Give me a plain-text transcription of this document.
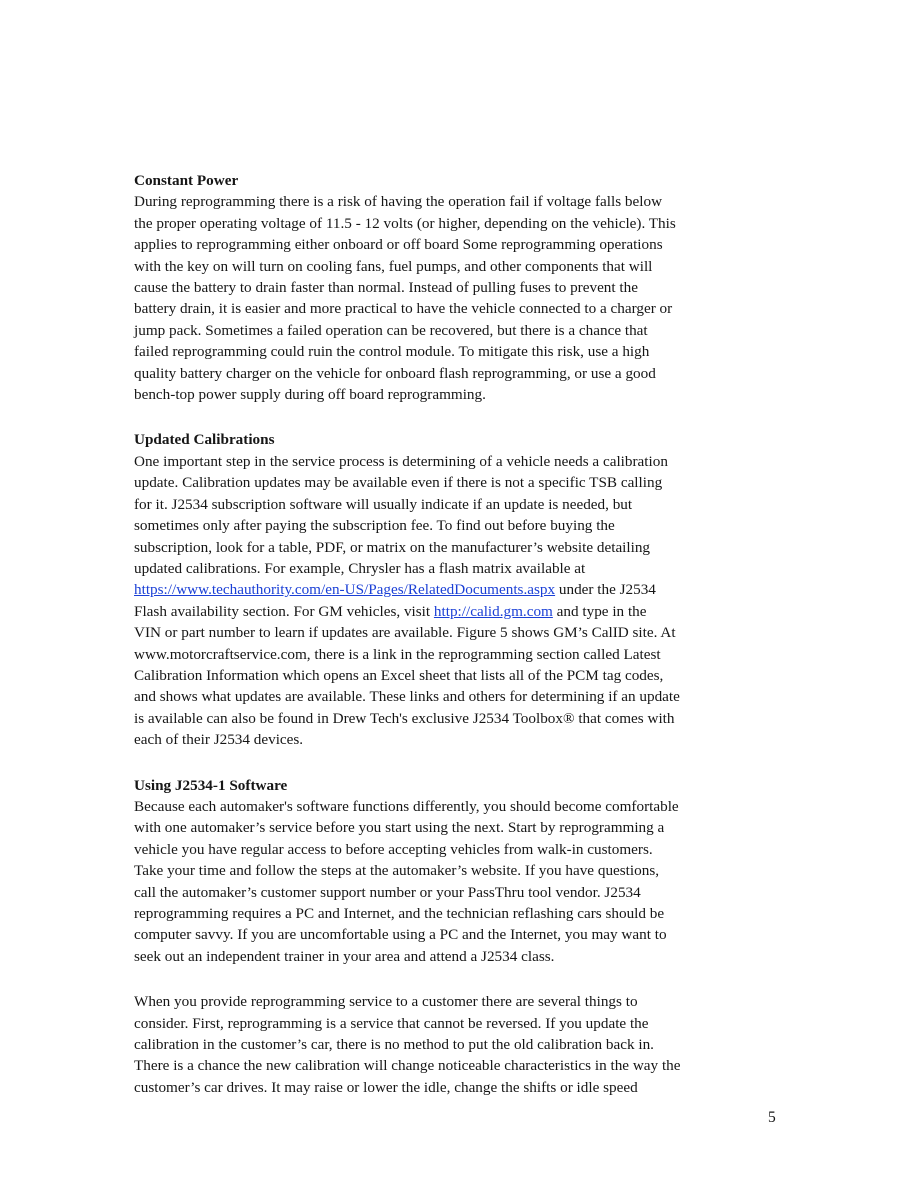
Constant Power
During reprogramming there is a risk of having the operation fail if voltage falls below
the proper operating voltage of 11.5 - 12 volts (or higher, depending on the vehicle). This
applies to reprogramming either onboard or off board Some reprogramming operations
with the key on will turn on cooling fans, fuel pumps, and other components that will
cause the battery to drain faster than normal. Instead of pulling fuses to prevent the
battery drain, it is easier and more practical to have the vehicle connected to a charger or
jump pack. Sometimes a failed operation can be recovered, but there is a chance that
failed reprogramming could ruin the control module. To mitigate this risk, use a high
quality battery charger on the vehicle for onboard flash reprogramming, or use a good
bench-top power supply during off board reprogramming.
Updated Calibrations
One important step in the service process is determining of a vehicle needs a calibration
update. Calibration updates may be available even if there is not a specific TSB calling
for it. J2534 subscription software will usually indicate if an update is needed, but
sometimes only after paying the subscription fee. To find out before buying the
subscription, look for a table, PDF, or matrix on the manufacturer’s website detailing
updated calibrations. For example, Chrysler has a flash matrix available at
https://www.techauthority.com/en-US/Pages/RelatedDocuments.aspx under the J2534
Flash availability section. For GM vehicles, visit http://calid.gm.com and type in the
VIN or part number to learn if updates are available. Figure 5 shows GM’s CalID site. At
www.motorcraftservice.com, there is a link in the reprogramming section called Latest
Calibration Information which opens an Excel sheet that lists all of the PCM tag codes,
and shows what updates are available. These links and others for determining if an update
is available can also be found in Drew Tech's exclusive J2534 Toolbox® that comes with
each of their J2534 devices.
Using J2534-1 Software
Because each automaker's software functions differently, you should become comfortable
with one automaker’s service before you start using the next. Start by reprogramming a
vehicle you have regular access to before accepting vehicles from walk-in customers.
Take your time and follow the steps at the automaker’s website. If you have questions,
call the automaker’s customer support number or your PassThru tool vendor. J2534
reprogramming requires a PC and Internet, and the technician reflashing cars should be
computer savvy. If you are uncomfortable using a PC and the Internet, you may want to
seek out an independent trainer in your area and attend a J2534 class.
When you provide reprogramming service to a customer there are several things to
consider. First, reprogramming is a service that cannot be reversed. If you update the
calibration in the customer’s car, there is no method to put the old calibration back in.
There is a chance the new calibration will change noticeable characteristics in the way the
customer’s car drives. It may raise or lower the idle, change the shifts or idle speed
5
